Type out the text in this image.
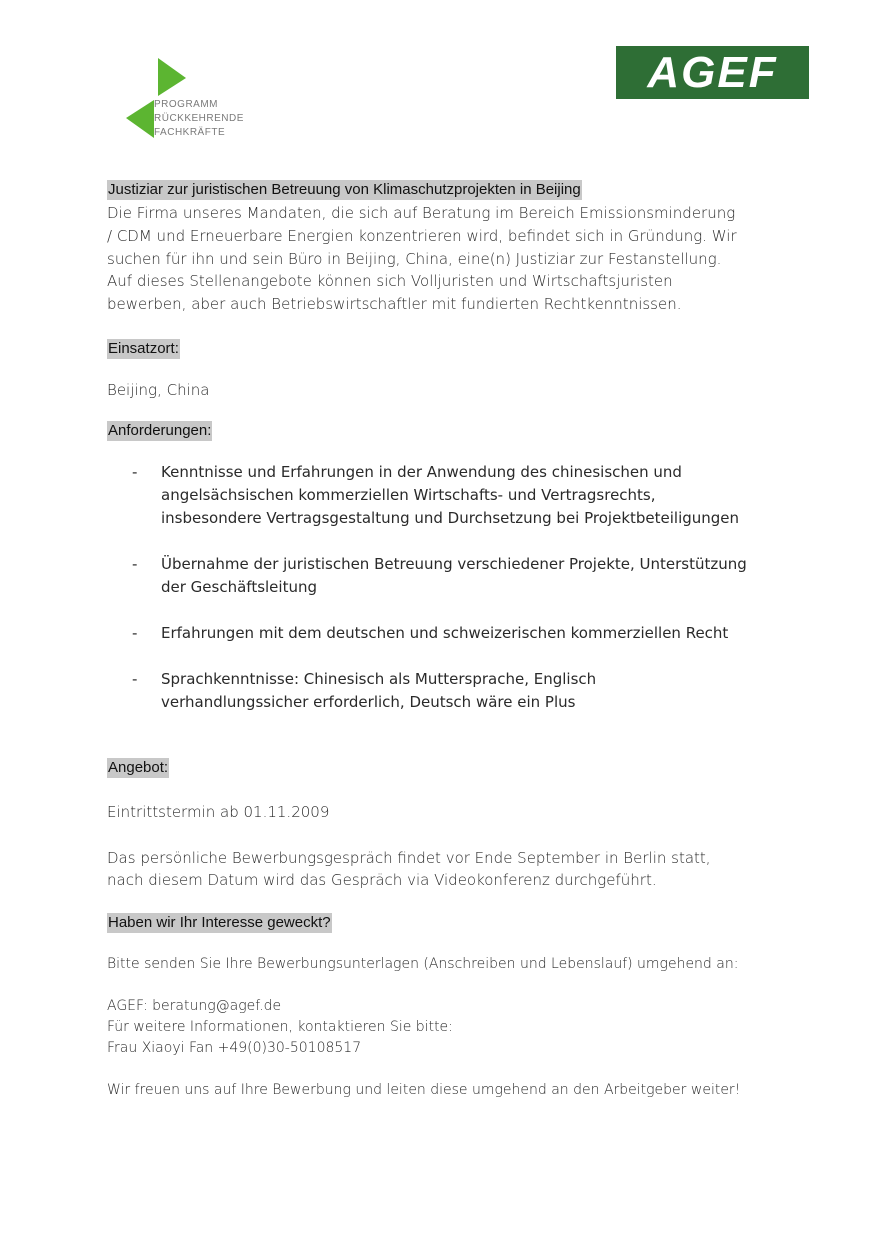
PROGRAMM
RÜCKKEHRENDE
FACHKRÄFTE
AGEF
Justiziar zur juristischen Betreuung von Klimaschutzprojekten in Beijing

Die Firma unseres Mandaten, die sich auf Beratung im Bereich Emissionsminderung

/ CDM und Erneuerbare Energien konzentrieren wird, befindet sich in Gründung. Wir

suchen für ihn und sein Büro in Beijing, China, eine(n) Justiziar zur Festanstellung.

Auf dieses Stellenangebote können sich Volljuristen und Wirtschaftsjuristen

bewerben, aber auch Betriebswirtschaftler mit fundierten Rechtkenntnissen.

Einsatzort:

Beijing, China

Anforderungen:
- Kenntnisse und Erfahrungen in der Anwendung des chinesischen und
angelsächsischen kommerziellen Wirtschafts- und Vertragsrechts,
insbesondere Vertragsgestaltung und Durchsetzung bei Projektbeteiligungen
- Übernahme der juristischen Betreuung verschiedener Projekte, Unterstützung
der Geschäftsleitung
- Erfahrungen mit dem deutschen und schweizerischen kommerziellen Recht
- Sprachkenntnisse: Chinesisch als Muttersprache, Englisch
verhandlungssicher erforderlich, Deutsch wäre ein Plus
Angebot:

Eintrittstermin ab 01.11.2009

Das persönliche Bewerbungsgespräch findet vor Ende September in Berlin statt,

nach diesem Datum wird das Gespräch via Videokonferenz durchgeführt.

Haben wir Ihr Interesse geweckt?

Bitte senden Sie Ihre Bewerbungsunterlagen (Anschreiben und Lebenslauf) umgehend an:

AGEF: beratung@agef.de

Für weitere Informationen, kontaktieren Sie bitte:

Frau Xiaoyi Fan +49(0)30-50108517

Wir freuen uns auf Ihre Bewerbung und leiten diese umgehend an den Arbeitgeber weiter!
